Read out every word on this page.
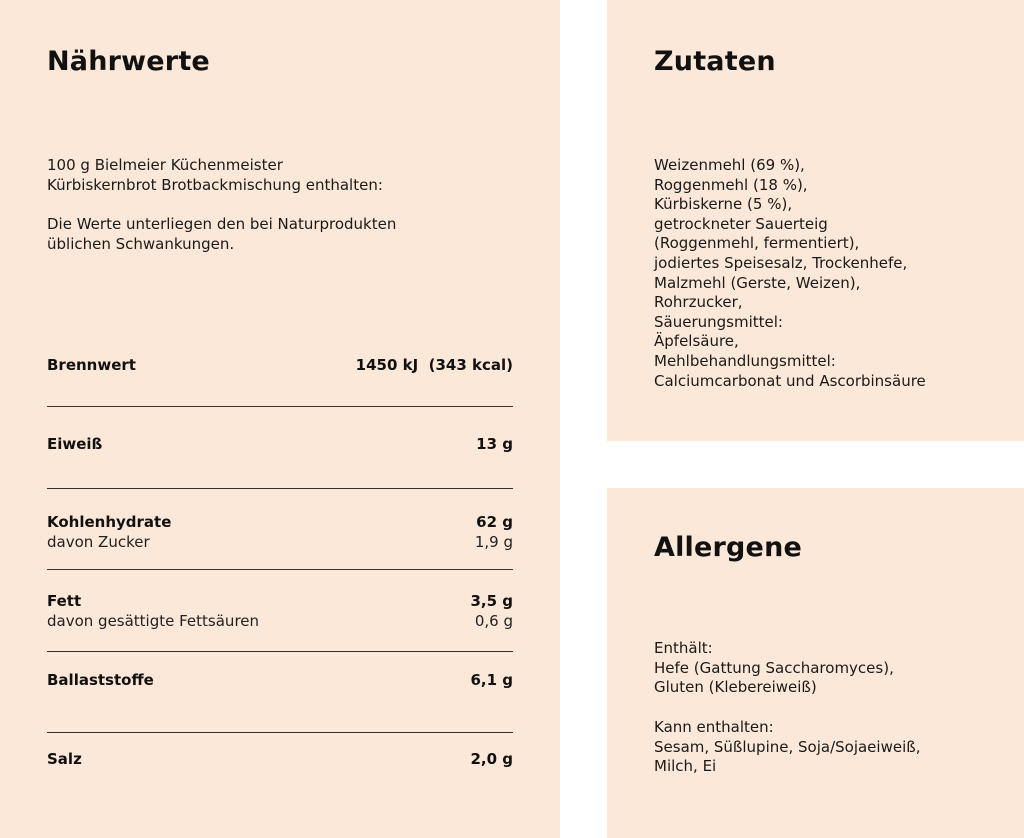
Nährwerte
100 g Bielmeier Küchenmeister
Kürbiskernbrot Brotbackmischung enthalten:
Die Werte unterliegen den bei Naturprodukten
üblichen Schwankungen.
Brennwert	1450 kJ  (343 kcal)
Eiweiß	13 g
Kohlenhydrate	62 g
davon Zucker	1,9 g
Fett	3,5 g
davon gesättigte Fettsäuren	0,6 g
Ballaststoffe	6,1 g
Salz	2,0 g
Zutaten
Weizenmehl (69 %),
Roggenmehl (18 %),
Kürbiskerne (5 %),
getrockneter Sauerteig
(Roggenmehl, fermentiert),
jodiertes Speisesalz, Trockenhefe,
Malzmehl (Gerste, Weizen),
Rohrzucker,
Säuerungsmittel:
Äpfelsäure,
Mehlbehandlungsmittel:
Calciumcarbonat und Ascorbinsäure
Allergene
Enthält:
Hefe (Gattung Saccharomyces),
Gluten (Klebereiweiß)
Kann enthalten:
Sesam, Süßlupine, Soja/Sojaeiweiß,
Milch, Ei
